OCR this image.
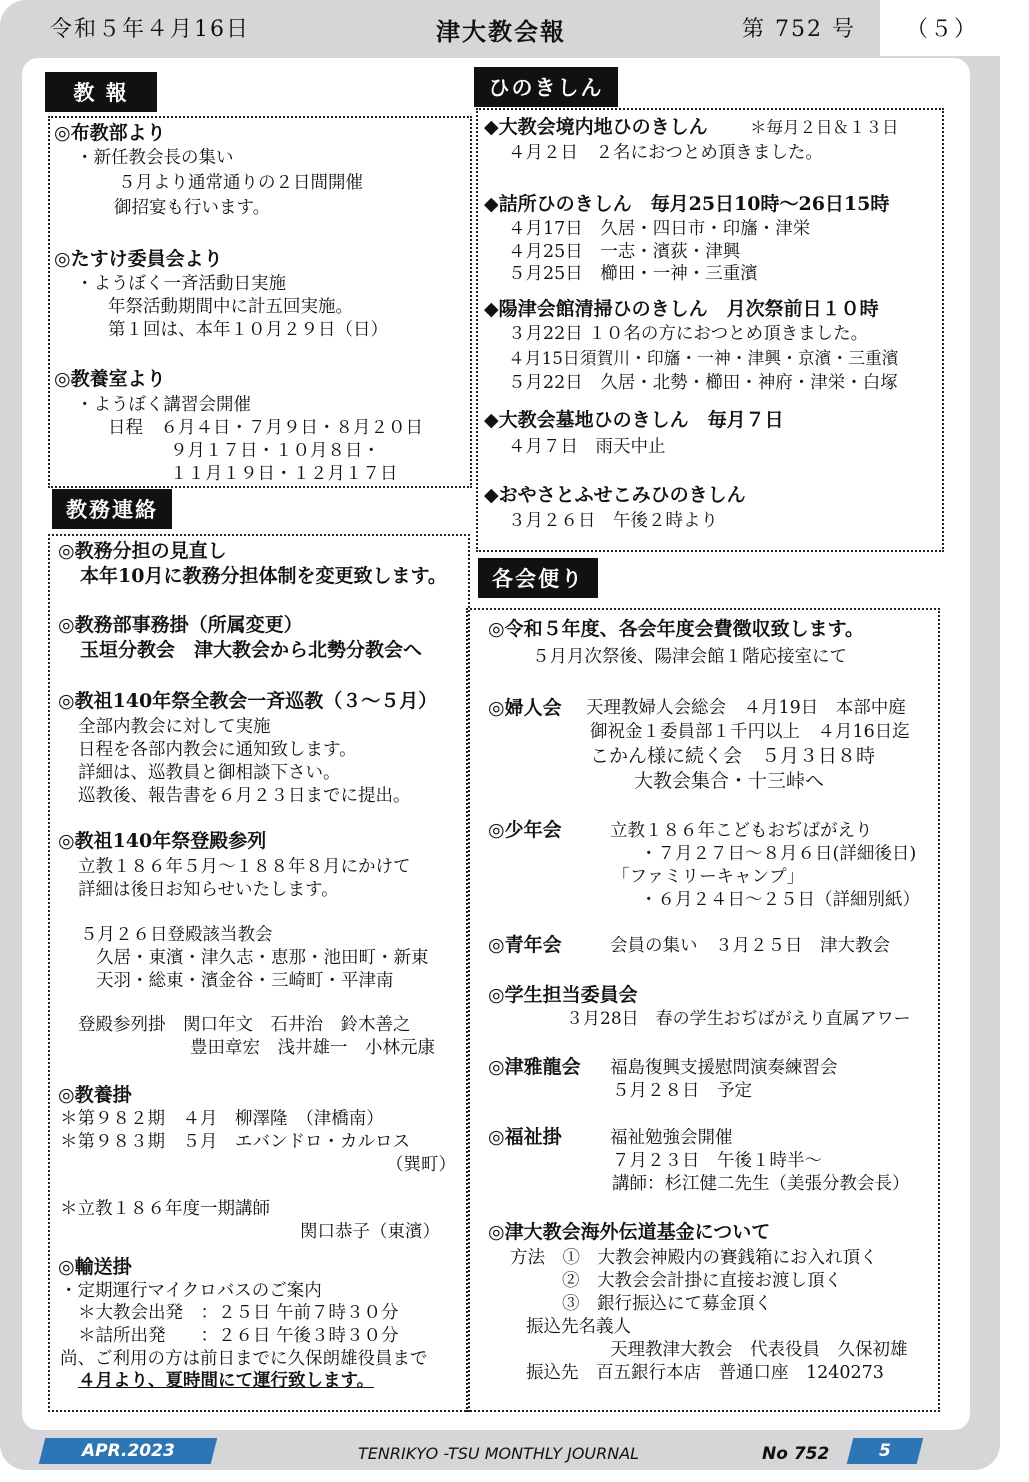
令和５年４月16日	津大教会報	第 752 号 （５）
教 報
◎布教部より
・新任教会長の集い
５月より通常通りの２日間開催
御招宴も行います。
◎たすけ委員会より
・ようぼく一斉活動日実施
年祭活動期間中に計五回実施。
第１回は、本年１０月２９日（日）
◎教養室より
・ようぼく講習会開催
日程　６月４日・７月９日・８月２０日
９月１７日・１０月８日・
１１月１９日・１２月１７日
教務連絡
◎教務分担の見直し
本年10月に教務分担体制を変更致します。
◎教務部事務掛（所属変更）
玉垣分教会　津大教会から北勢分教会へ
◎教祖140年祭全教会一斉巡教（３～５月）
全部内教会に対して実施
日程を各部内教会に通知致します。
詳細は、巡教員と御相談下さい。
巡教後、報告書を６月２３日までに提出。
◎教祖140年祭登殿参列
立教１８６年５月～１８８年８月にかけて
詳細は後日お知らせいたします。
５月２６日登殿該当教会
久居・東濱・津久志・恵那・池田町・新東
天羽・総東・濱金谷・三崎町・平津南
登殿参列掛　関口年文　石井治　鈴木善之
豊田章宏　浅井雄一　小林元康
◎教養掛
＊第９８２期　４月　柳澤隆　（津橋南）
＊第９８３期　５月　エバンドロ・カルロス
（巽町）
＊立教１８６年度一期講師
関口恭子（東濱）
◎輸送掛
・定期運行マイクロバスのご案内
＊大教会出発　：２５日 午前７時３０分
＊詰所出発　　：２６日 午後３時３０分
尚、ご利用の方は前日までに久保朗雄役員まで
４月より、夏時間にて運行致します。
ひのきしん
◆大教会境内地ひのきしん	＊毎月２日＆１３日
４月２日　２名におつとめ頂きました。
◆詰所ひのきしん　毎月25日10時～26日15時
４月17日　久居・四日市・印旛・津栄
４月25日　一志・濱荻・津興
５月25日　櫛田・一神・三重濱
◆陽津会館清掃ひのきしん　月次祭前日１０時
３月22日 １０名の方におつとめ頂きました。
４月15日須賀川・印旛・一神・津興・京濱・三重濱
５月22日　久居・北勢・櫛田・神府・津栄・白塚
◆大教会墓地ひのきしん　毎月７日
４月７日　雨天中止
◆おやさとふせこみひのきしん
３月２６日　午後２時より
各会便り
◎令和５年度、各会年度会費徴収致します。
５月月次祭後、陽津会館１階応接室にて
◎婦人会 天理教婦人会総会　４月19日　本部中庭
御祝金１委員部１千円以上　４月16日迄
こかん様に続く会　５月３日８時
大教会集合・十三峠へ
◎少年会	立教１８６年こどもおぢばがえり
・７月２７日～８月６日(詳細後日)
「ファミリーキャンプ」
・６月２４日～２５日（詳細別紙）
◎青年会	会員の集い　３月２５日　津大教会
◎学生担当委員会
３月28日　春の学生おぢばがえり直属アワー
◎津雅龍会 福島復興支援慰問演奏練習会
５月２８日　予定
◎福祉掛	福祉勉強会開催
７月２３日　午後１時半～
講師：杉江健二先生（美張分教会長）
◎津大教会海外伝道基金について
方法　①　大教会神殿内の賽銭箱にお入れ頂く
②　大教会会計掛に直接お渡し頂く
③　銀行振込にて募金頂く
振込先名義人
天理教津大教会　代表役員　久保初雄
振込先　百五銀行本店　普通口座　1240273
APR.2023	TENRIKYO -TSU MONTHLY JOURNAL	No 752	5
